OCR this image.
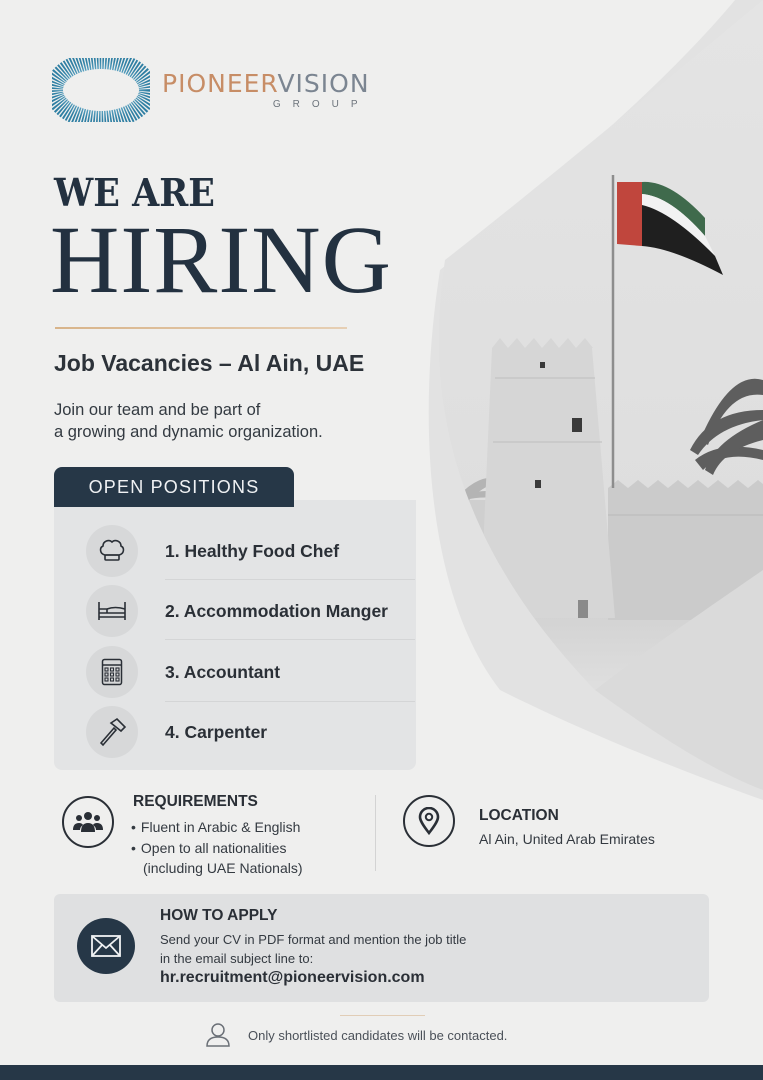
PIONEERVISION
GROUP
WE ARE
HIRING
Job Vacancies – Al Ain, UAE
Join our team and be part of
a growing and dynamic organization.
OPEN POSITIONS
1. Healthy Food Chef
2. Accommodation Manger
3. Accountant
4. Carpenter
REQUIREMENTS
• Fluent in Arabic & English
• Open to all nationalities
(including UAE Nationals)
LOCATION
Al Ain, United Arab Emirates
HOW TO APPLY
Send your CV in PDF format and mention the job title
in the email subject line to:
hr.recruitment@pioneervision.com
Only shortlisted candidates will be contacted.
